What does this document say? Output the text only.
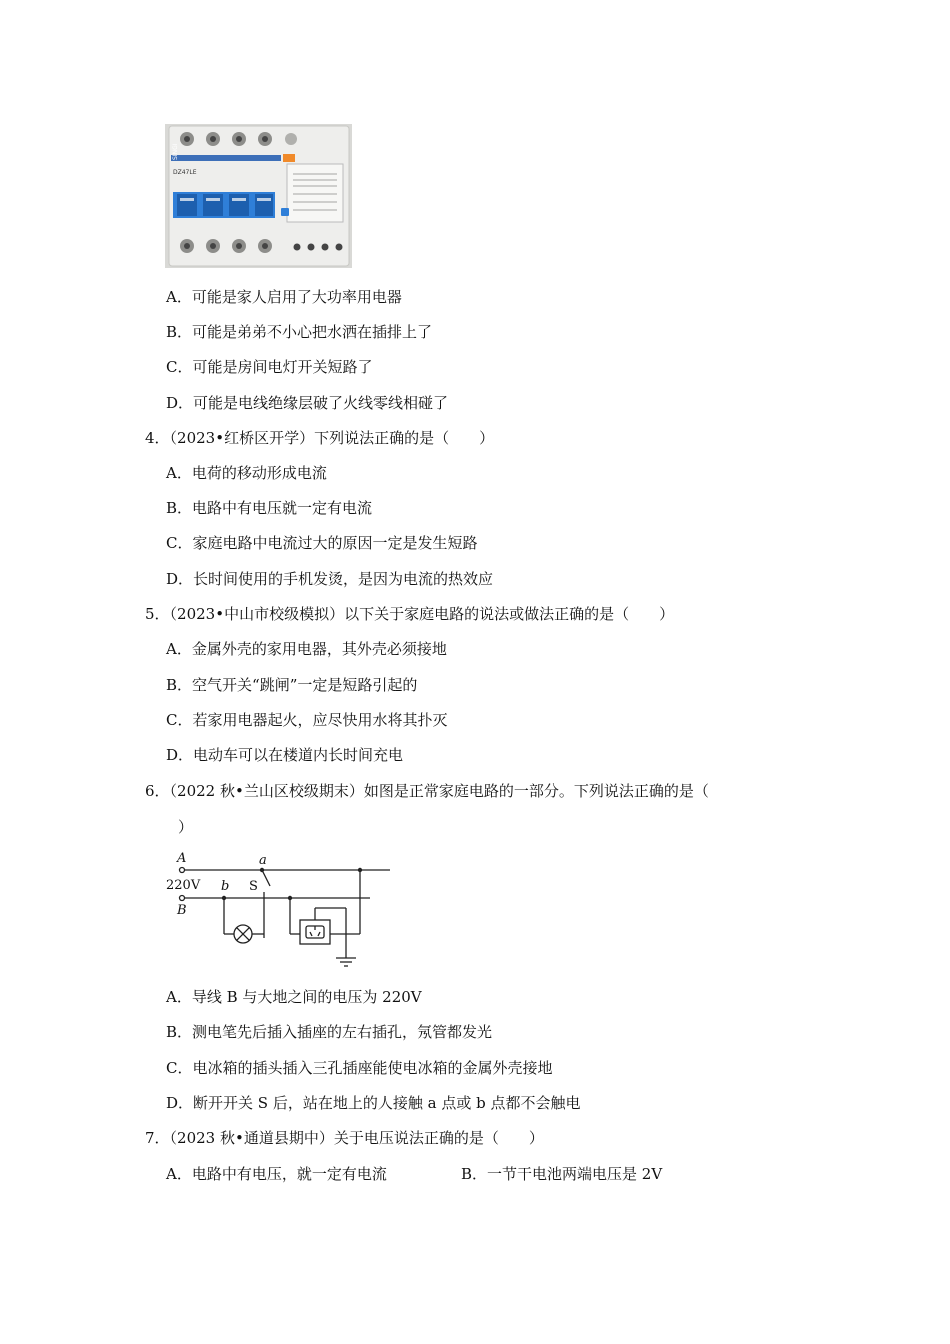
SINGI
DZ47LE
A．可能是家人启用了大功率用电器
B．可能是弟弟不小心把水洒在插排上了
C．可能是房间电灯开关短路了
D．可能是电线绝缘层破了火线零线相碰了
4．（2023•红桥区开学）下列说法正确的是（　　）
A．电荷的移动形成电流
B．电路中有电压就一定有电流
C．家庭电路中电流过大的原因一定是发生短路
D．长时间使用的手机发烫，是因为电流的热效应
5．（2023•中山市校级模拟）以下关于家庭电路的说法或做法正确的是（　　）
A．金属外壳的家用电器，其外壳必须接地
B．空气开关“跳闸”一定是短路引起的
C．若家用电器起火，应尽快用水将其扑灭
D．电动车可以在楼道内长时间充电
6．（2022 秋•兰山区校级期末）如图是正常家庭电路的一部分。下列说法正确的是（
）
A
220V
B
a
b S
A．导线 B 与大地之间的电压为 220V
B．测电笔先后插入插座的左右插孔，氖管都发光
C．电冰箱的插头插入三孔插座能使电冰箱的金属外壳接地
D．断开开关 S 后，站在地上的人接触 a 点或 b 点都不会触电
7．（2023 秋•通道县期中）关于电压说法正确的是（　　）
A．电路中有电压，就一定有电流	B．一节干电池两端电压是 2V
